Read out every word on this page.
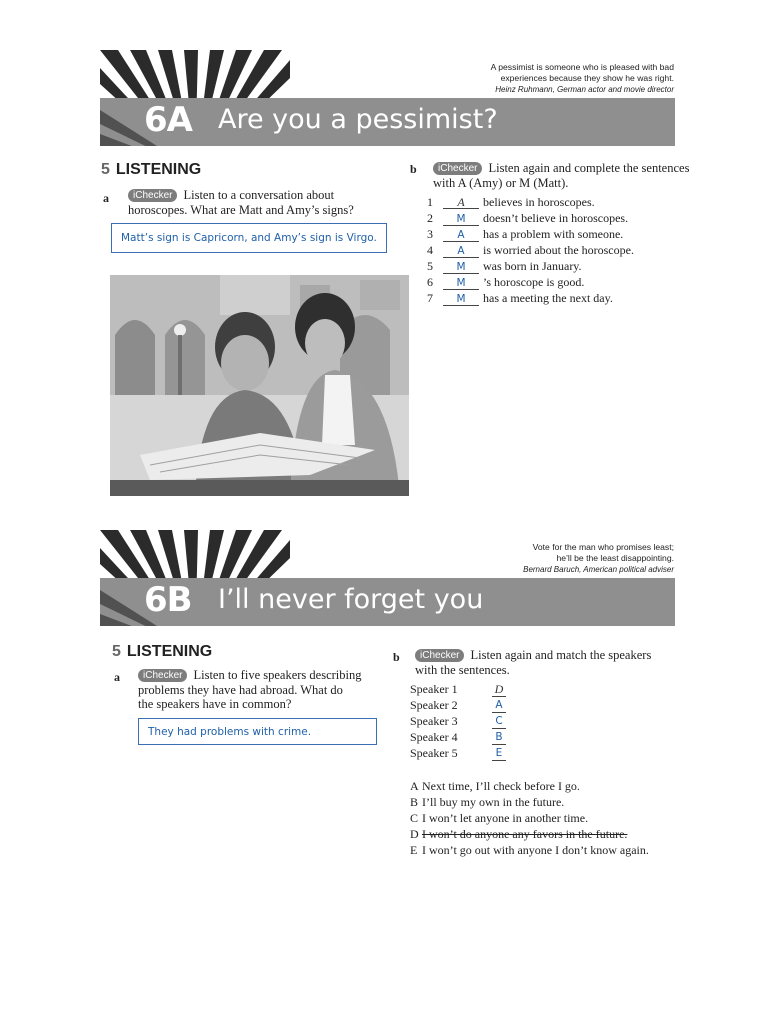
A pessimist is someone who is pleased with bad
experiences because they show he was right.
Heinz Ruhmann, German actor and movie director
6A Are you a pessimist?
5 LISTENING
a	iChecker Listen to a conversation about
horoscopes. What are Matt and Amy’s signs?
Matt’s sign is Capricorn, and Amy’s sign is Virgo.
b	iChecker Listen again and complete the sentences
with A (Amy) or M (Matt).
1 A believes in horoscopes.
2 M doesn’t believe in horoscopes.
3 A has a problem with someone.
4 A is worried about the horoscope.
5 M was born in January.
6 M ’s horoscope is good.
7 M has a meeting the next day.
Vote for the man who promises least;
he’ll be the least disappointing.
Bernard Baruch, American political adviser
6B I’ll never forget you
5 LISTENING
a	iChecker Listen to five speakers describing
problems they have had abroad. What do
the speakers have in common?
They had problems with crime.
b	iChecker Listen again and match the speakers
with the sentences.
Speaker 1	D
Speaker 2	A
Speaker 3	C
Speaker 4	B
Speaker 5	E
A Next time, I’ll check before I go.
B I’ll buy my own in the future.
C I won’t let anyone in another time.
D I won’t do anyone any favors in the future.
E I won’t go out with anyone I don’t know again.
